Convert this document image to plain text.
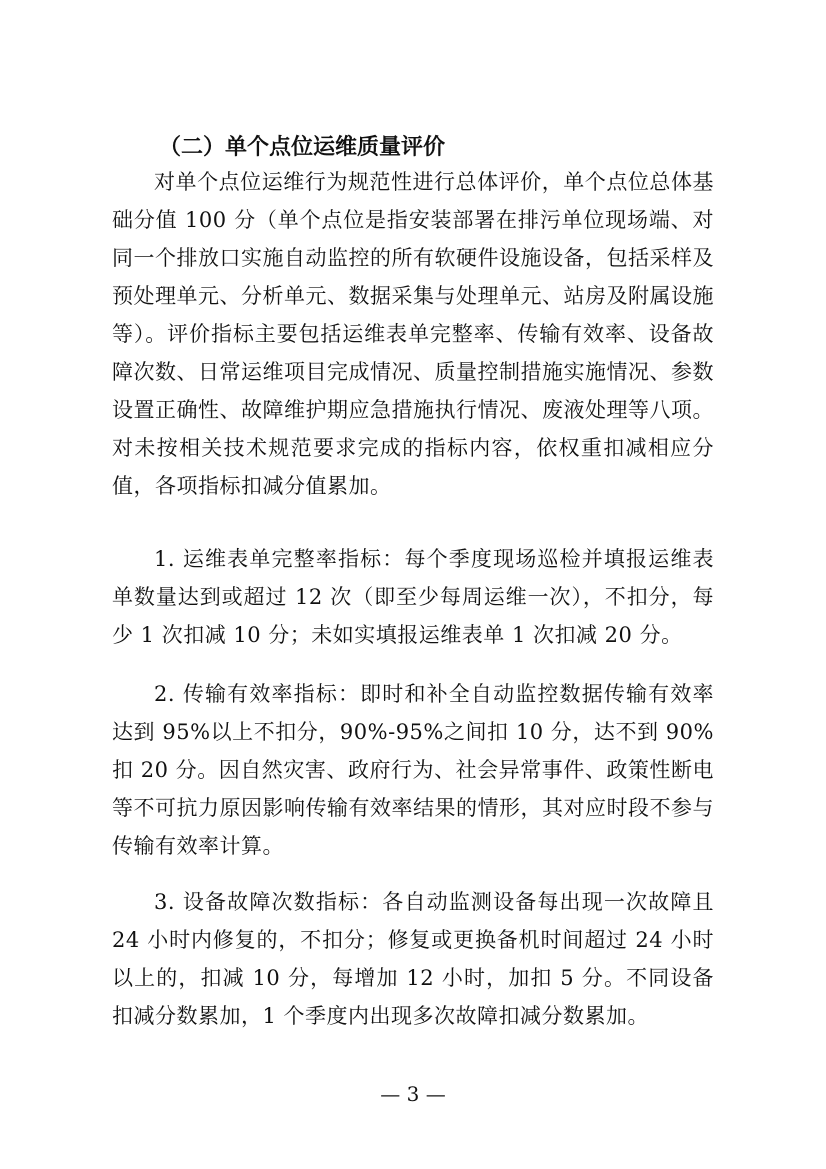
（二）单个点位运维质量评价

对单个点位运维行为规范性进行总体评价，单个点位总体基础分值 100 分（单个点位是指安装部署在排污单位现场端、对同一个排放口实施自动监控的所有软硬件设施设备，包括采样及预处理单元、分析单元、数据采集与处理单元、站房及附属设施等）。评价指标主要包括运维表单完整率、传输有效率、设备故障次数、日常运维项目完成情况、质量控制措施实施情况、参数设置正确性、故障维护期应急措施执行情况、废液处理等八项。对未按相关技术规范要求完成的指标内容，依权重扣减相应分值，各项指标扣减分值累加。

1. 运维表单完整率指标：每个季度现场巡检并填报运维表单数量达到或超过 12 次（即至少每周运维一次），不扣分，每少 1 次扣减 10 分；未如实填报运维表单 1 次扣减 20 分。

2. 传输有效率指标：即时和补全自动监控数据传输有效率达到 95%以上不扣分，90%-95%之间扣 10 分，达不到 90%扣 20 分。因自然灾害、政府行为、社会异常事件、政策性断电等不可抗力原因影响传输有效率结果的情形，其对应时段不参与传输有效率计算。

3. 设备故障次数指标：各自动监测设备每出现一次故障且 24 小时内修复的，不扣分；修复或更换备机时间超过 24 小时以上的，扣减 10 分，每增加 12 小时，加扣 5 分。不同设备扣减分数累加，1 个季度内出现多次故障扣减分数累加。

— 3 —
